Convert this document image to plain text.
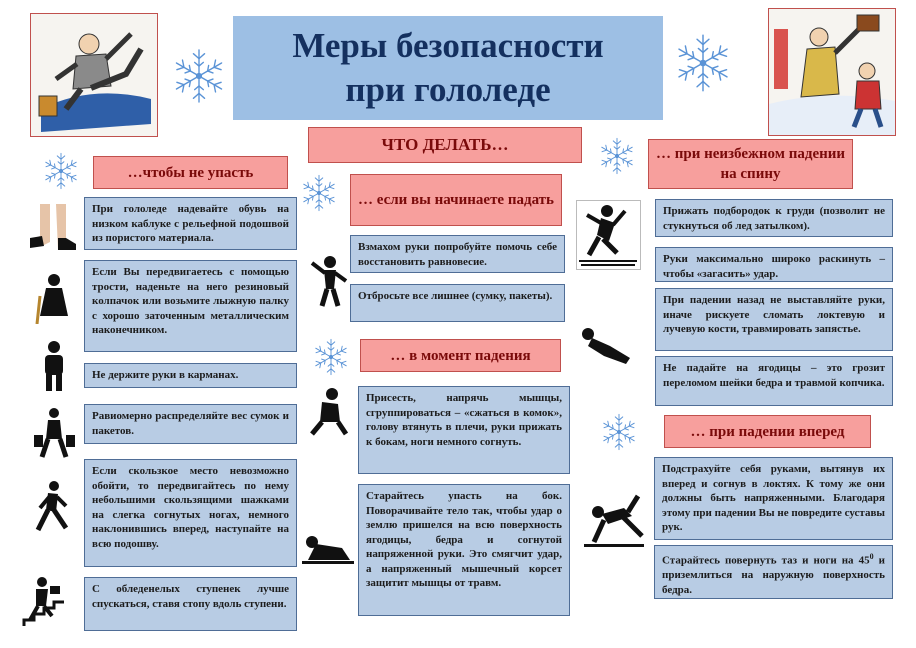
Меры безопасности
при гололеде
ЧТО ДЕЛАТЬ…
…чтобы не упасть
При гололеде надевайте обувь на низком каблуке с рельефной подошвой из пористого материала.
Если Вы передвигаетесь с помощью трости, наденьте на него резиновый колпачок или возьмите лыжную палку с хорошо заточенным металлическим наконечником.
Не держите руки в карманах.
Равиомерно распределяйте вес сумок и пакетов.
Если скользкое место невозможно обойти, то передвигайтесь по нему небольшими скользящими шажками на слегка согнутых ногах, немного наклонившись вперед, наступайте на всю подошву.
С обледенелых ступенек лучше спускаться, ставя стопу вдоль ступени.
… если вы начинаете падать
Взмахом руки попробуйте помочь себе восстановить равновесие.
Отбросьте все лишнее (сумку, пакеты).
… в момент падения
Присесть, напрячь мышцы, сгруппироваться – «сжаться в комок», голову втянуть в плечи, руки прижать к бокам, ноги немного согнуть.
Старайтесь упасть на бок. Поворачивайте тело так, чтобы удар о землю пришелся на всю поверхность ягодицы, бедра и согнутой напряженной руки. Это смягчит удар, а напряженный мышечный корсет защитит мышцы от травм.
… при неизбежном падении на спину
Прижать подбородок к груди (позволит не стукнуться об лед затылком).
Руки максимально широко раскинуть – чтобы «загасить» удар.
При падении назад не выставляйте руки, иначе рискуете сломать локтевую и лучевую кости, травмировать запястье.
Не падайте на ягодицы – это грозит переломом шейки бедра и травмой копчика.
… при падении вперед
Подстрахуйте себя руками, вытянув их вперед и согнув в локтях. К тому же они должны быть напряженными. Благодаря этому при падении Вы не повредите суставы рук.
Старайтесь повернуть таз и ноги на $45^0$ и приземлиться на наружную поверхность бедра.
